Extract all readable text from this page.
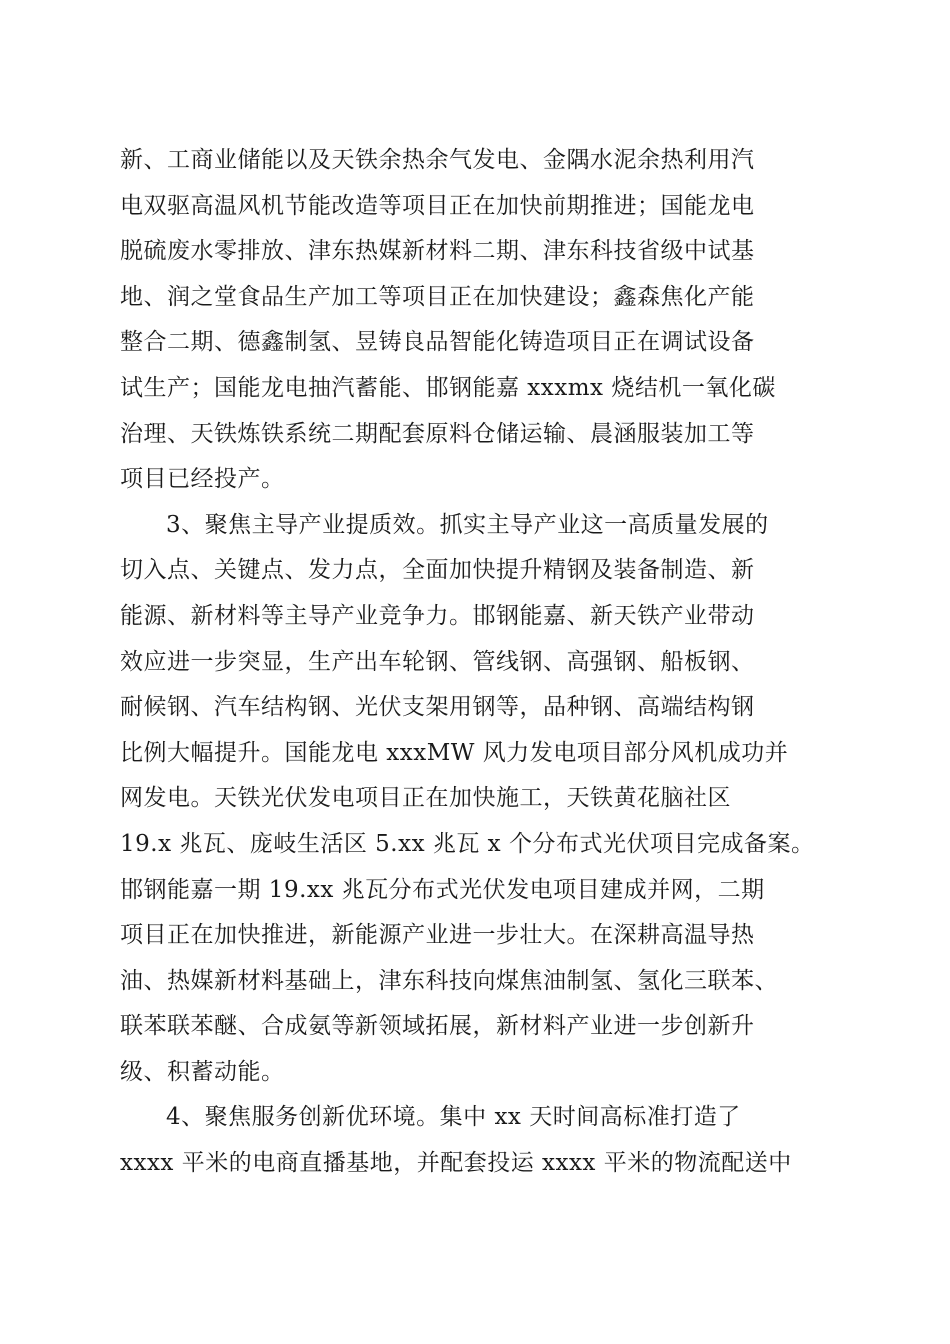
新、工商业储能以及天铁余热余气发电、金隅水泥余热利用汽
电双驱高温风机节能改造等项目正在加快前期推进；国能龙电
脱硫废水零排放、津东热媒新材料二期、津东科技省级中试基
地、润之堂食品生产加工等项目正在加快建设；鑫森焦化产能
整合二期、德鑫制氢、昱铸良品智能化铸造项目正在调试设备
试生产；国能龙电抽汽蓄能、邯钢能嘉 xxxmx 烧结机一氧化碳
治理、天铁炼铁系统二期配套原料仓储运输、晨涵服装加工等
项目已经投产。
3、聚焦主导产业提质效。抓实主导产业这一高质量发展的
切入点、关键点、发力点，全面加快提升精钢及装备制造、新
能源、新材料等主导产业竞争力。邯钢能嘉、新天铁产业带动
效应进一步突显，生产出车轮钢、管线钢、高强钢、船板钢、
耐候钢、汽车结构钢、光伏支架用钢等，品种钢、高端结构钢
比例大幅提升。国能龙电 xxxMW 风力发电项目部分风机成功并
网发电。天铁光伏发电项目正在加快施工，天铁黄花脑社区
19.x 兆瓦、庞岐生活区 5.xx 兆瓦 x 个分布式光伏项目完成备案。
邯钢能嘉一期 19.xx 兆瓦分布式光伏发电项目建成并网，二期
项目正在加快推进，新能源产业进一步壮大。在深耕高温导热
油、热媒新材料基础上，津东科技向煤焦油制氢、氢化三联苯、
联苯联苯醚、合成氨等新领域拓展，新材料产业进一步创新升
级、积蓄动能。
4、聚焦服务创新优环境。集中 xx 天时间高标准打造了
xxxx 平米的电商直播基地，并配套投运 xxxx 平米的物流配送中
